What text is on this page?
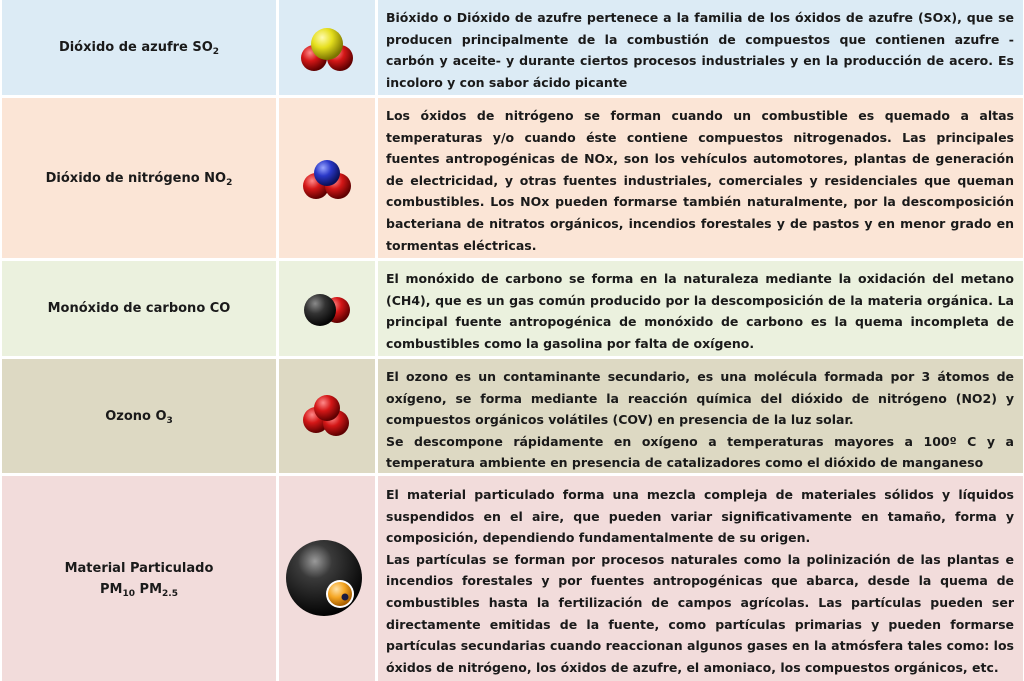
Dióxido de azufre $SO_2$

Bióxido o Dióxido de azufre pertenece a la familia de los óxidos de azufre (SOx), que se producen principalmente de la combustión de compuestos que contienen azufre - carbón y aceite- y durante ciertos procesos industriales y en la producción de acero. Es incoloro y con sabor ácido picante

Dióxido de nitrógeno $NO_2$

Los óxidos de nitrógeno se forman cuando un combustible es quemado a altas temperaturas y/o cuando éste contiene compuestos nitrogenados. Las principales fuentes antropogénicas de NOx, son los vehículos automotores, plantas de generación de electricidad, y otras fuentes industriales, comerciales y residenciales que queman combustibles. Los NOx pueden formarse también naturalmente, por la descomposición bacteriana de nitratos orgánicos, incendios forestales y de pastos y en menor grado en tormentas eléctricas.

Monóxido de carbono CO

El monóxido de carbono se forma en la naturaleza mediante la oxidación del metano (CH4), que es un gas común producido por la descomposición de la materia orgánica. La principal fuente antropogénica de monóxido de carbono es la quema incompleta de combustibles como la gasolina por falta de oxígeno.

Ozono $O_3$

El ozono es un contaminante secundario, es una molécula formada por 3 átomos de oxígeno, se forma mediante la reacción química del dióxido de nitrógeno (NO2) y compuestos orgánicos volátiles (COV) en presencia de la luz solar.

Se descompone rápidamente en oxígeno a temperaturas mayores a 100º C y a temperatura ambiente en presencia de catalizadores como el dióxido de manganeso

Material Particulado
$PM_{10}$ $PM_{2.5}$

El material particulado forma una mezcla compleja de materiales sólidos y líquidos suspendidos en el aire, que pueden variar significativamente en tamaño, forma y composición, dependiendo fundamentalmente de su origen.

Las partículas se forman por procesos naturales como la polinización de las plantas e incendios forestales y por fuentes antropogénicas que abarca, desde la quema de combustibles hasta la fertilización de campos agrícolas. Las partículas pueden ser directamente emitidas de la fuente, como partículas primarias y pueden formarse partículas secundarias cuando reaccionan algunos gases en la atmósfera tales como: los óxidos de nitrógeno, los óxidos de azufre, el amoniaco, los compuestos orgánicos, etc.
